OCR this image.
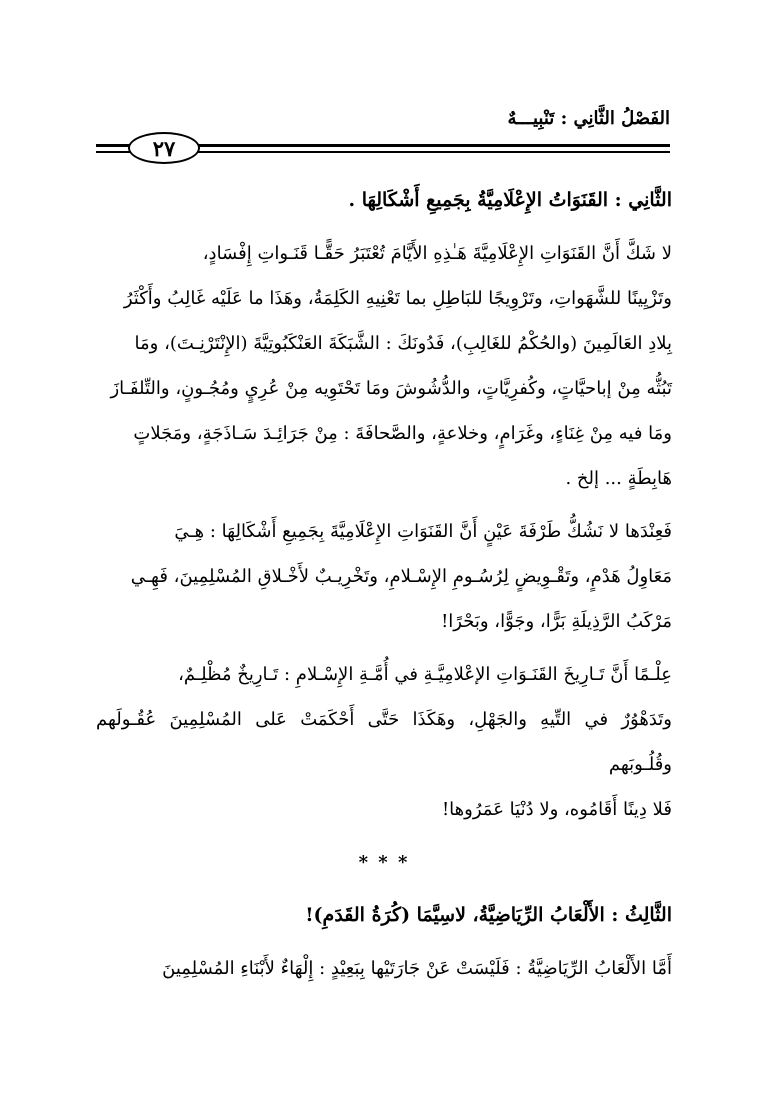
الفَصْلُ الثَّانِي : تَنْبِيـــهٌ
٢٧
الثَّانِي : القَنَوَاتُ الإِعْلَامِيَّةُ بِجَمِيعِ أَشْكَالِهَا .
لا شَكَّ أَنَّ القَنَوَاتِ الإِعْلَامِيَّةَ هَـٰذِهِ الأَيَّامَ تُعْتَبَرُ حَقًّـا قَنَـواتِ إِفْسَادٍ،
وتَزْيِينًا للشَّهَواتِ، وتَرْوِيجًا للبَاطِلِ بما تَعْنِيهِ الكَلِمَةُ، وهَذَا ما عَلَيْه غَالِبُ وأَكْثَرُ
بِلادِ العَالَمِينَ (والحُكْمُ للغَالِبِ)، فَدُونَكَ : الشَّبَكَةَ العَنْكَبُوتِيَّةَ (الإِنْتَرْنِـتَ)، ومَا
تَبُثُّه مِنْ إباحيَّاتٍ، وكُفرِيَّاتٍ، والدُّشُوشَ ومَا تَحْتَوِيه مِنْ عُرِيٍ ومُجُـونٍ، والتِّلفَـازَ
ومَا فيه مِنْ غِنَاءٍ، وغَرَامٍ، وخلاعةٍ، والصَّحافَةَ : مِنْ جَرَائِـدَ سَـاذَجَةٍ، ومَجَلاتٍ
هَابِطَةٍ ... إلخ .
فَعِنْدَها لا نَشُكُّ طَرْفَةَ عَيْنٍ أَنَّ القَنَوَاتِ الإِعْلَامِيَّةَ بِجَمِيعِ أَشْكَالِهَا : هِـيَ
مَعَاوِلُ هَدْمٍ، وتَقْـوِيضٍ لِرُسُـومِ الإِسْـلامِ، وتَخْرِيـبٌ لأَخْـلاقِ المُسْلِمِينَ، فَهِـي
مَرْكَبُ الرَّذِيلَةِ بَرًّا، وجَوًّا، وبَحْرًا!
عِلْـمًا أَنَّ تَـارِيخَ القَنَـوَاتِ الإعْلامِيَّـةِ في أُمَّـةِ الإِسْـلامِ : تَـارِيخٌ مُظْلِـمٌ،
وتَدَهْوُرٌ في التِّيهِ والجَهْلِ، وهَكَذَا حَتَّى أَحْكَمَتْ عَلى المُسْلِمِينَ عُقُـولَهم وقُلُـوبَهم
فَلا دِينًا أَقَامُوه، ولا دُنْيَا عَمَرُوها!
* * *
الثَّالِثُ : الأَلْعَابُ الرِّيَاضِيَّةُ، لاسِيَّمَا (كُرَةُ القَدَمِ)!
أَمَّا الأَلْعَابُ الرِّيَاضِيَّةُ : فَلَيْسَتْ عَنْ جَارَتَيْها بِبَعِيْدٍ : إِلْهَاءٌ لأَبْنَاءِ المُسْلِمِينَ
